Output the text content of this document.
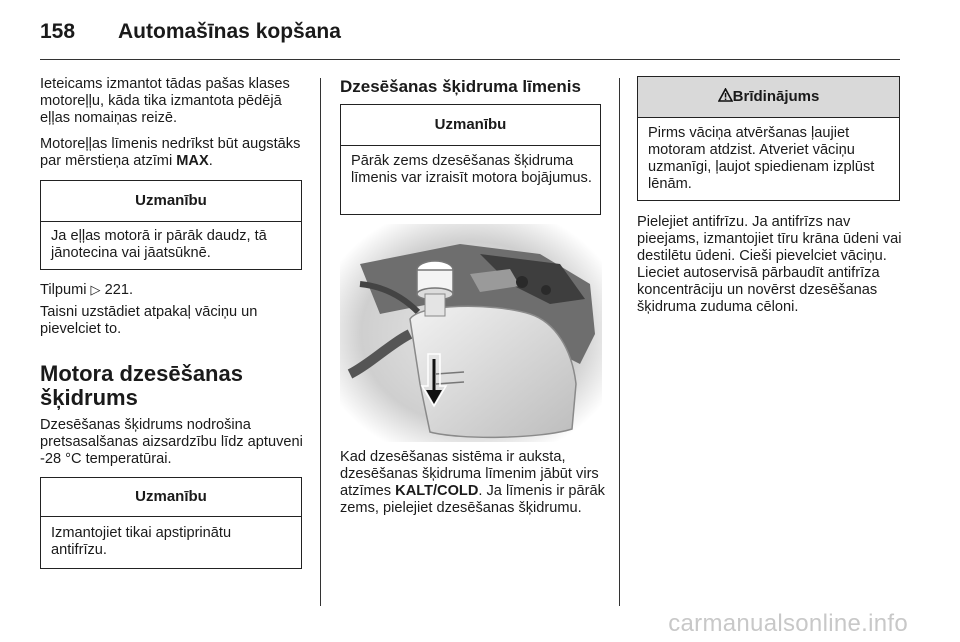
158 Automašīnas kopšana
Ieteicams izmantot tādas pašas klases motoreļļu, kāda tika izmantota pēdējā eļļas nomaiņas reizē.
Motoreļļas līmenis nedrīkst būt augstāks par mērstieņa atzīmi MAX.
Uzmanību
Ja eļļas motorā ir pārāk daudz, tā jānotecina vai jāatsūknē.
Tilpumi ▷ 221.
Taisni uzstādiet atpakaļ vāciņu un pievelciet to.
Motora dzesēšanas šķidrums
Dzesēšanas šķidrums nodrošina pretsasalšanas aizsardzību līdz aptuveni -28 °C temperatūrai.
Uzmanību
Izmantojiet tikai apstiprinātu antifrīzu.
Dzesēšanas šķidruma līmenis
Uzmanību
Pārāk zems dzesēšanas šķidruma līmenis var izraisīt motora bojājumus.
Kad dzesēšanas sistēma ir auksta, dzesēšanas šķidruma līmenim jābūt virs atzīmes KALT/COLD. Ja līmenis ir pārāk zems, pielejiet dzesēšanas šķidrumu.
Brīdinājums
Pirms vāciņa atvēršanas ļaujiet motoram atdzist. Atveriet vāciņu uzmanīgi, ļaujot spiedienam izplūst lēnām.
Pielejiet antifrīzu. Ja antifrīzs nav pieejams, izmantojiet tīru krāna ūdeni vai destilētu ūdeni. Cieši pievelciet vāciņu. Lieciet autoservisā pārbaudīt antifrīza koncentrāciju un novērst dzesēšanas šķidruma zuduma cēloni.
carmanualsonline.info
